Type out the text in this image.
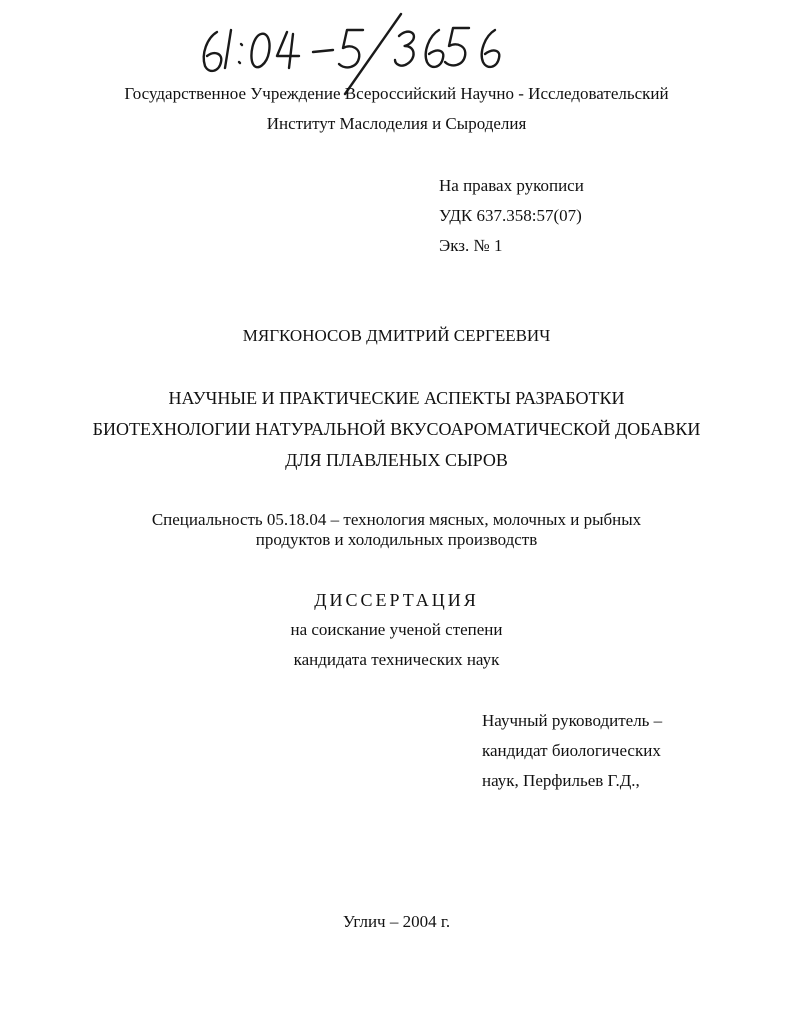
Государственное Учреждение Всероссийский Научно - Исследовательский
Институт Маслоделия и Сыроделия
На правах рукописи
УДК 637.358:57(07)
Экз. № 1
МЯГКОНОСОВ ДМИТРИЙ СЕРГЕЕВИЧ
НАУЧНЫЕ И ПРАКТИЧЕСКИЕ АСПЕКТЫ РАЗРАБОТКИ
БИОТЕХНОЛОГИИ НАТУРАЛЬНОЙ ВКУСОАРОМАТИЧЕСКОЙ ДОБАВКИ
ДЛЯ ПЛАВЛЕНЫХ СЫРОВ
Специальность 05.18.04 – технология мясных, молочных и рыбных
продуктов и холодильных производств
ДИССЕРТАЦИЯ
на соискание ученой степени
кандидата технических наук
Научный руководитель –
кандидат биологических
наук, Перфильев Г.Д.,
Углич – 2004 г.
